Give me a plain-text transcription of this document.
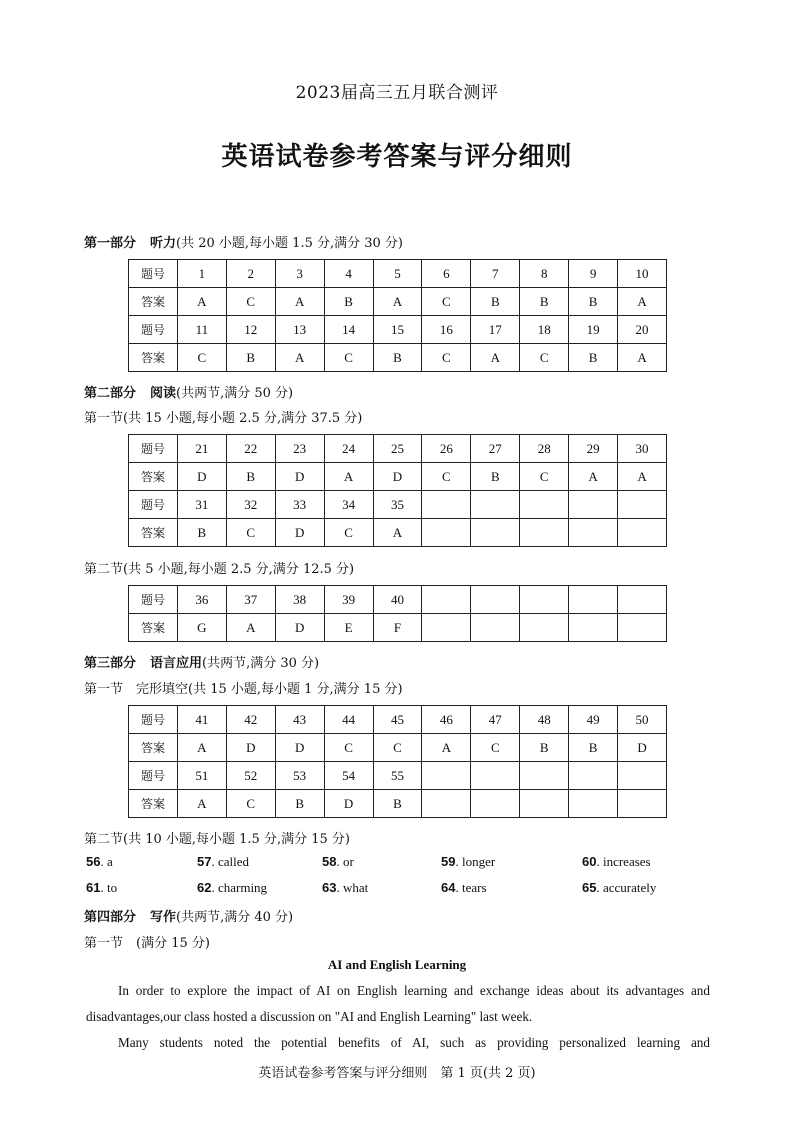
2023届高三五月联合测评
英语试卷参考答案与评分细则
第一部分 听力(共 20 小题,每小题 1.5 分,满分 30 分)
题号	1	2	3	4	5	6	7	8	9	10
答案	A	C	A	B	A	C	B	B	B	A
题号	11	12	13	14	15	16	17	18	19	20
答案	C	B	A	C	B	C	A	C	B	A
第二部分 阅读(共两节,满分 50 分)
第一节(共 15 小题,每小题 2.5 分,满分 37.5 分)
题号	21	22	23	24	25	26	27	28	29	30
答案	D	B	D	A	D	C	B	C	A	A
题号	31	32	33	34	35					
答案	B	C	D	C	A					
第二节(共 5 小题,每小题 2.5 分,满分 12.5 分)
题号	36	37	38	39	40					
答案	G	A	D	E	F					
第三部分 语言应用(共两节,满分 30 分)
第一节　完形填空(共 15 小题,每小题 1 分,满分 15 分)
题号	41	42	43	44	45	46	47	48	49	50
答案	A	D	D	C	C	A	C	B	B	D
题号	51	52	53	54	55					
答案	A	C	B	D	B					
第二节(共 10 小题,每小题 1.5 分,满分 15 分)
56. a	57. called	58. or	59. longer	60. increases
61. to	62. charming	63. what	64. tears	65. accurately
第四部分 写作(共两节,满分 40 分)
第一节　(满分 15 分)
AI and English Learning
In order to explore the impact of AI on English learning and exchange ideas about its advantages and disadvantages,our class hosted a discussion on "AI and English Learning" last week.
Many students noted the potential benefits of AI, such as providing personalized learning and
英语试卷参考答案与评分细则　第 1 页(共 2 页)
